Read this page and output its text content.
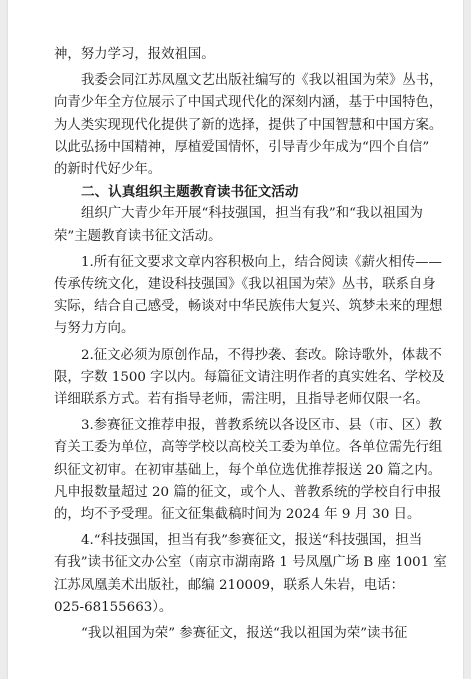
神，努力学习，报效祖国。
我委会同江苏凤凰文艺出版社编写的《我以祖国为荣》丛书，
向青少年全方位展示了中国式现代化的深刻内涵，基于中国特色，
为人类实现现代化提供了新的选择，提供了中国智慧和中国方案。
以此弘扬中国精神，厚植爱国情怀，引导青少年成为“四个自信”
的新时代好少年。
二、认真组织主题教育读书征文活动
组织广大青少年开展“科技强国，担当有我”和“我以祖国为
荣”主题教育读书征文活动。
1.所有征文要求文章内容积极向上，结合阅读《薪火相传——
传承传统文化，建设科技强国》《我以祖国为荣》丛书，联系自身
实际，结合自己感受，畅谈对中华民族伟大复兴、筑梦未来的理想
与努力方向。
2.征文必须为原创作品，不得抄袭、套改。除诗歌外，体裁不
限，字数 1500 字以内。每篇征文请注明作者的真实姓名、学校及
详细联系方式。若有指导老师，需注明，且指导老师仅限一名。
3.参赛征文推荐申报，普教系统以各设区市、县（市、区）教
育关工委为单位，高等学校以高校关工委为单位。各单位需先行组
织征文初审。在初审基础上，每个单位选优推荐报送 20 篇之内。
凡申报数量超过 20 篇的征文，或个人、普教系统的学校自行申报
的，均不予受理。征文征集截稿时间为 2024 年 9 月 30 日。
4.“科技强国，担当有我”参赛征文，报送“科技强国，担当
有我”读书征文办公室（南京市湖南路 1 号凤凰广场 B 座 1001 室
江苏凤凰美术出版社，邮编 210009，联系人朱岩，电话：
025-68155663）。
“我以祖国为荣” 参赛征文，报送“我以祖国为荣”读书征
